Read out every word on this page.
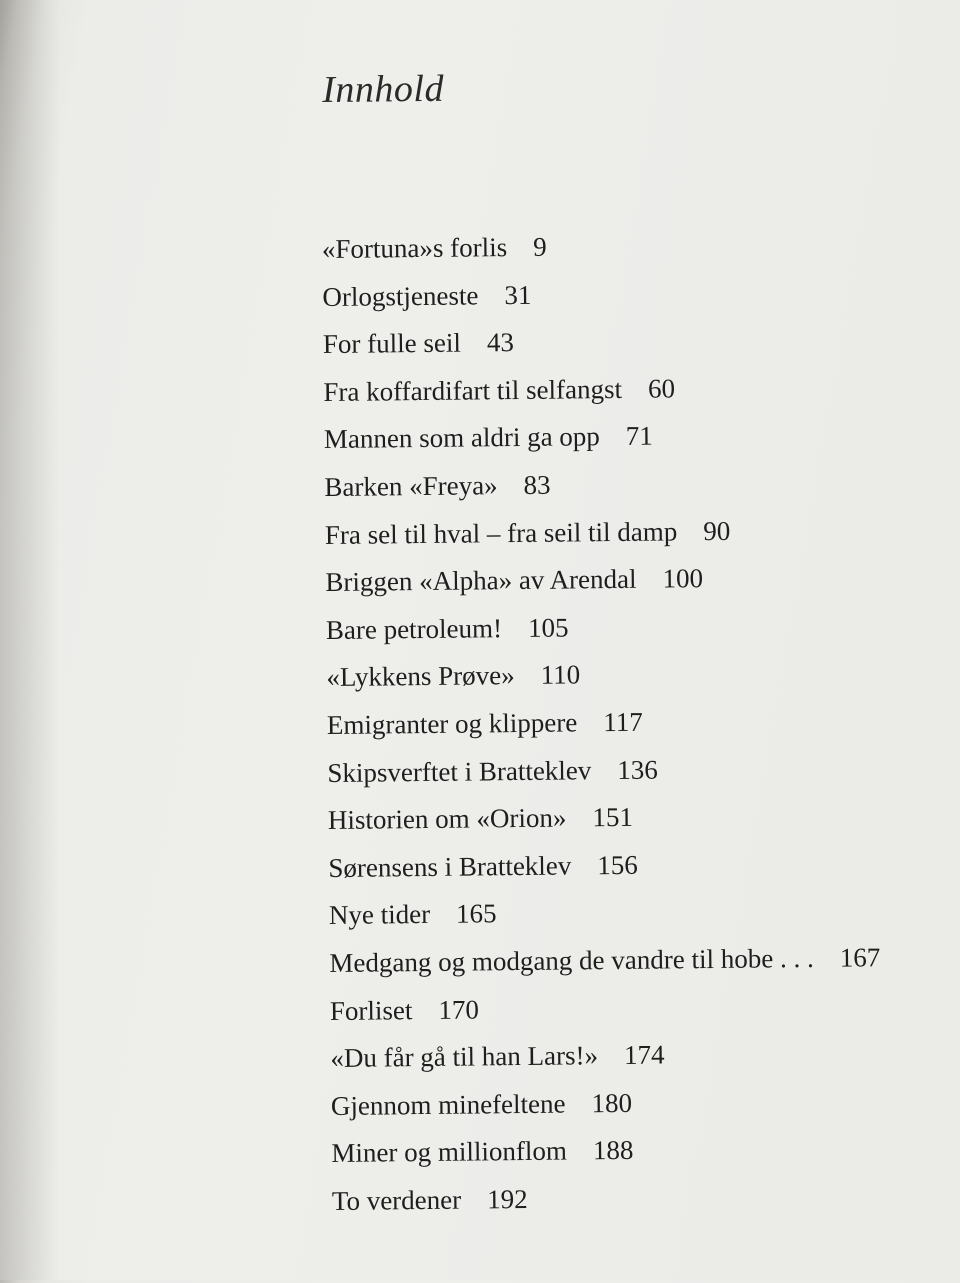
Innhold
«Fortuna»s forlis 9
Orlogstjeneste 31
For fulle seil 43
Fra koffardifart til selfangst 60
Mannen som aldri ga opp 71
Barken «Freya» 83
Fra sel til hval – fra seil til damp 90
Briggen «Alpha» av Arendal 100
Bare petroleum! 105
«Lykkens Prøve» 110
Emigranter og klippere 117
Skipsverftet i Bratteklev 136
Historien om «Orion» 151
Sørensens i Bratteklev 156
Nye tider 165
Medgang og modgang de vandre til hobe . . . 167
Forliset 170
«Du får gå til han Lars!» 174
Gjennom minefeltene 180
Miner og millionflom 188
To verdener 192
